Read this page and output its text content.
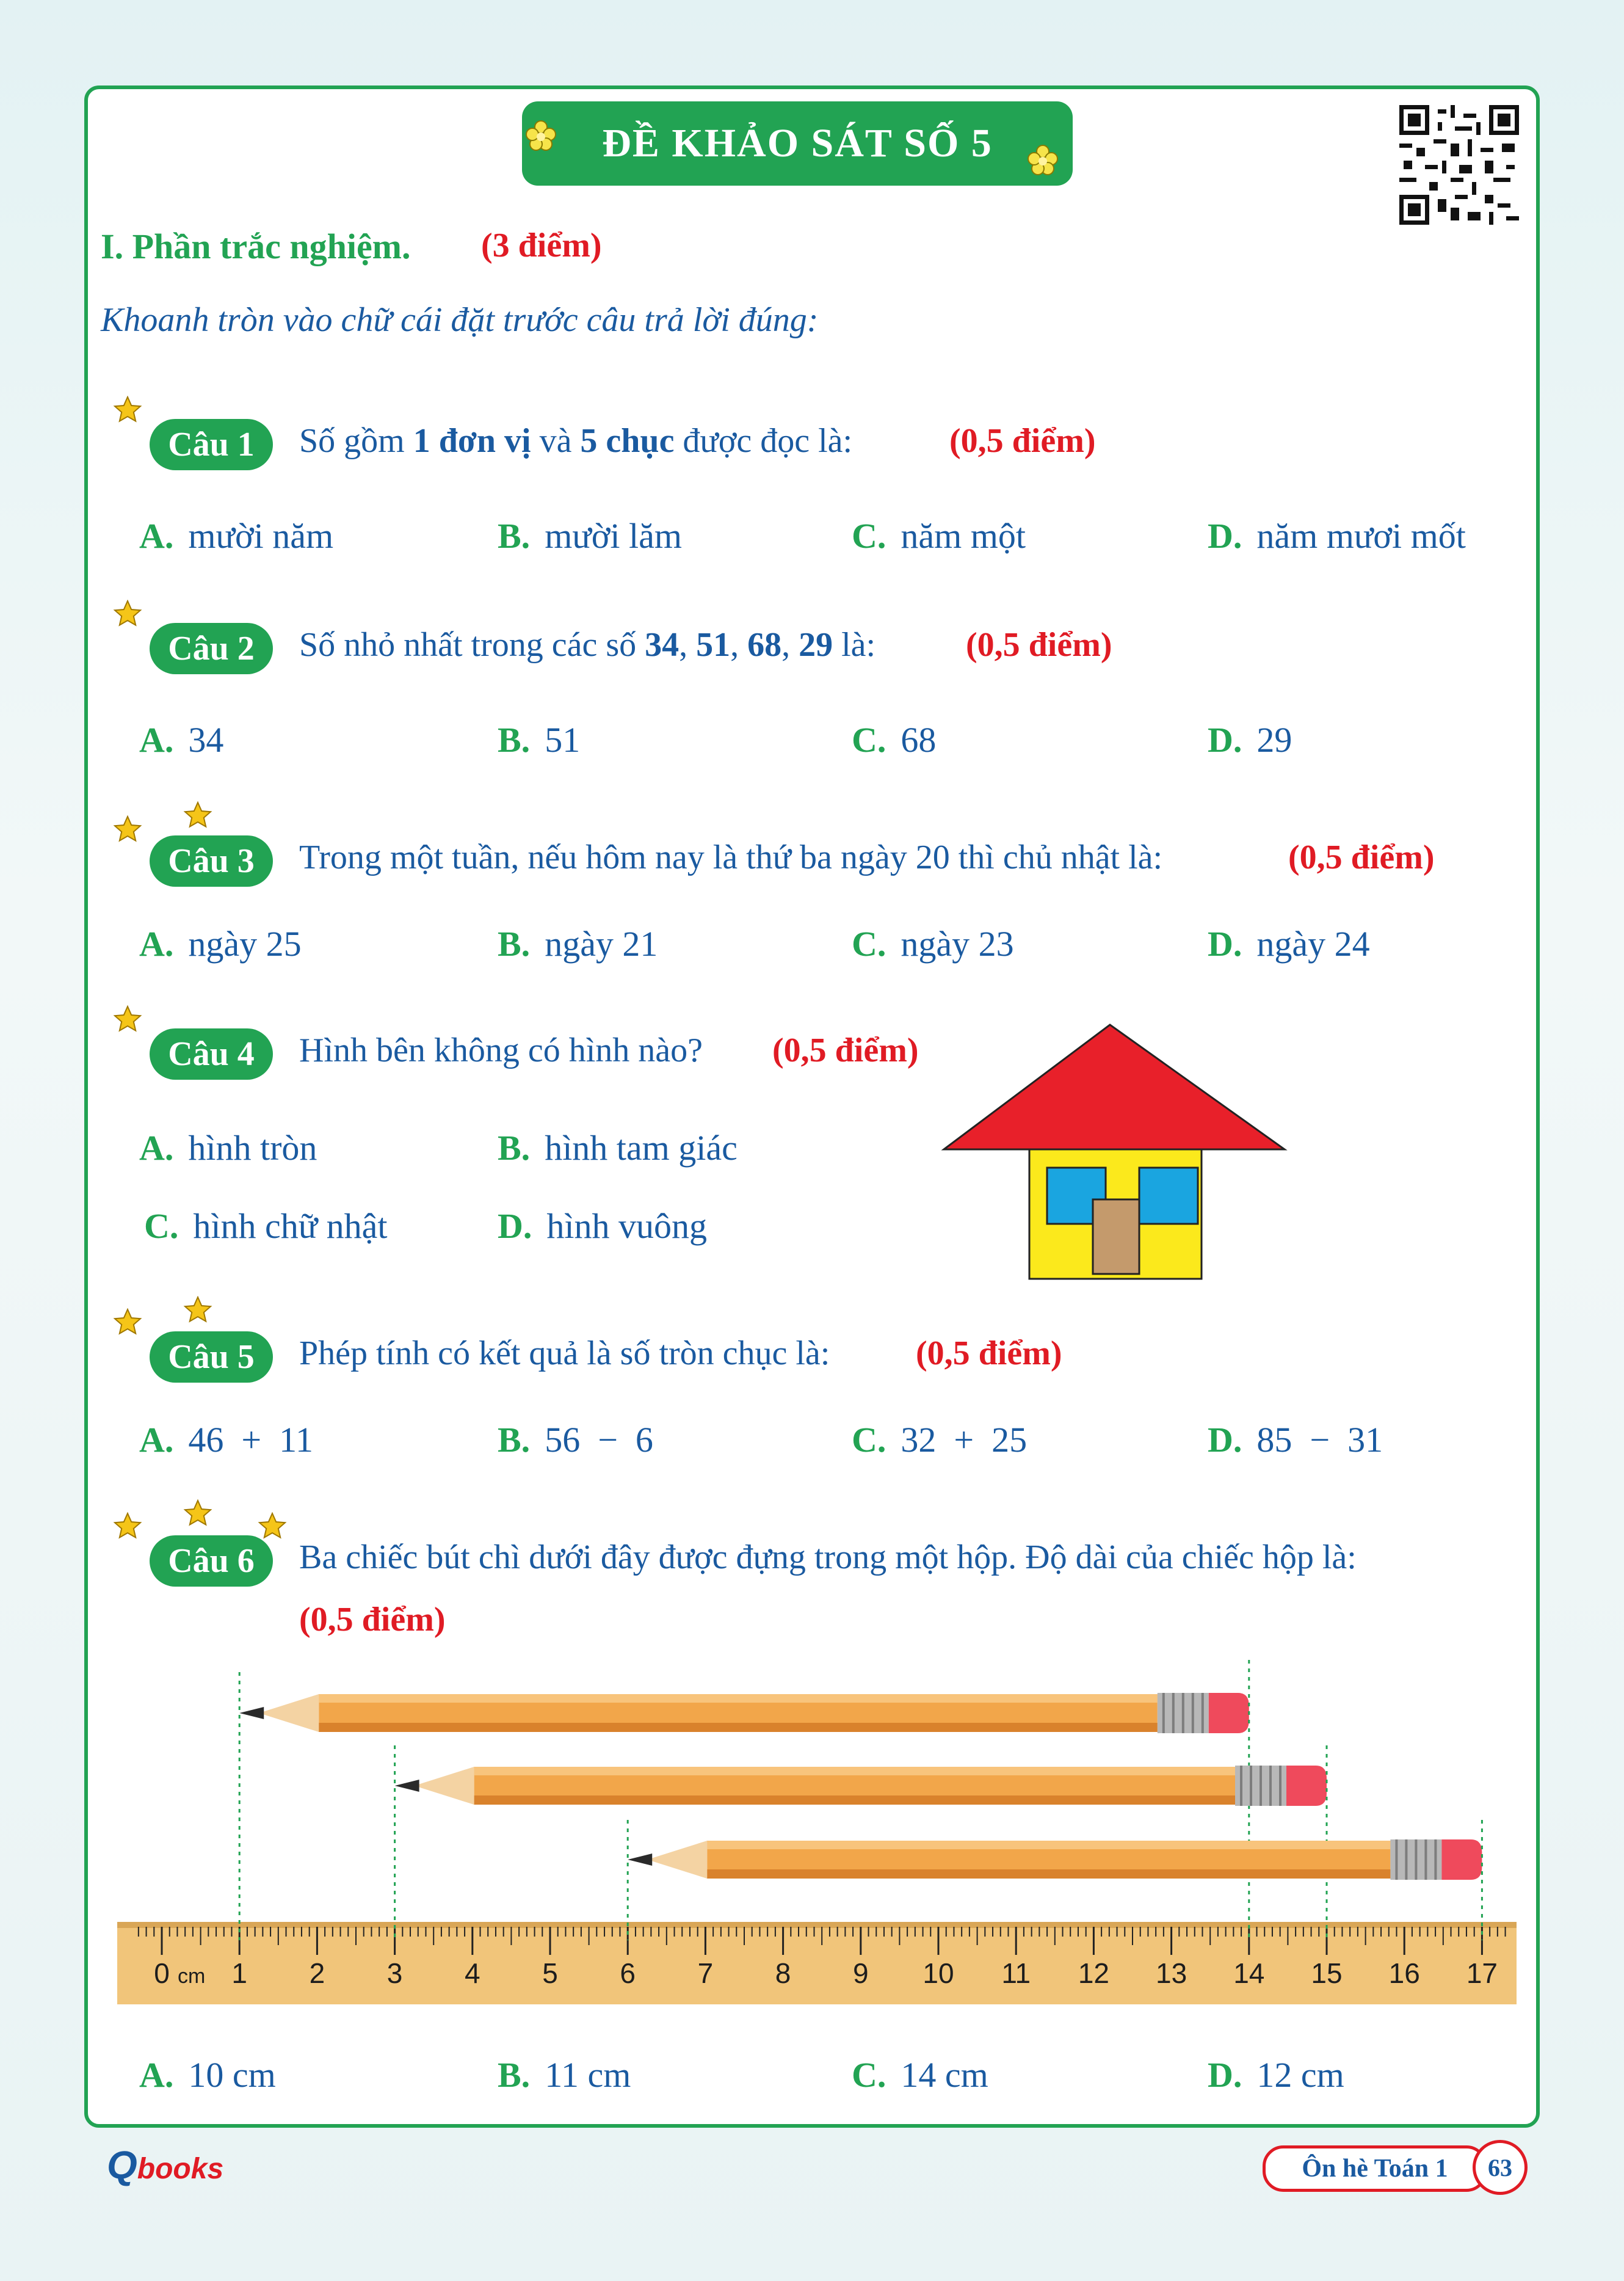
ĐỀ KHẢO SÁT SỐ 5
I. Phần trắc nghiệm. (3 điểm)
Khoanh tròn vào chữ cái đặt trước câu trả lời đúng:
Câu 1	Số gồm 1 đơn vị và 5 chục được đọc là:	(0,5 điểm)
A. mười năm	B. mười lăm	C. năm một	D. năm mươi mốt
Câu 2	Số nhỏ nhất trong các số 34, 51, 68, 29 là:	(0,5 điểm)
A. 34	B. 51	C. 68	D. 29
Câu 3	Trong một tuần, nếu hôm nay là thứ ba ngày 20 thì chủ nhật là:	(0,5 điểm)
A. ngày 25	B. ngày 21	C. ngày 23	D. ngày 24
Câu 4	Hình bên không có hình nào? (0,5 điểm)
A. hình tròn	B. hình tam giác
C. hình chữ nhật	D. hình vuông
Câu 5	Phép tính có kết quả là số tròn chục là:	(0,5 điểm)
A. 46  +  11	B. 56  −  6	C. 32  +  25	D. 85  −  31
Câu 6	Ba chiếc bút chì dưới đây được đựng trong một hộp. Độ dài của chiếc hộp là:
(0,5 điểm)
0 1 2 3 4 5 6 7 8 9 10 11 12 13 14 15 16 17
cm
A. 10 cm	B. 11 cm	C. 14 cm	D. 12 cm
Qbooks	Ôn hè Toán 1	63
